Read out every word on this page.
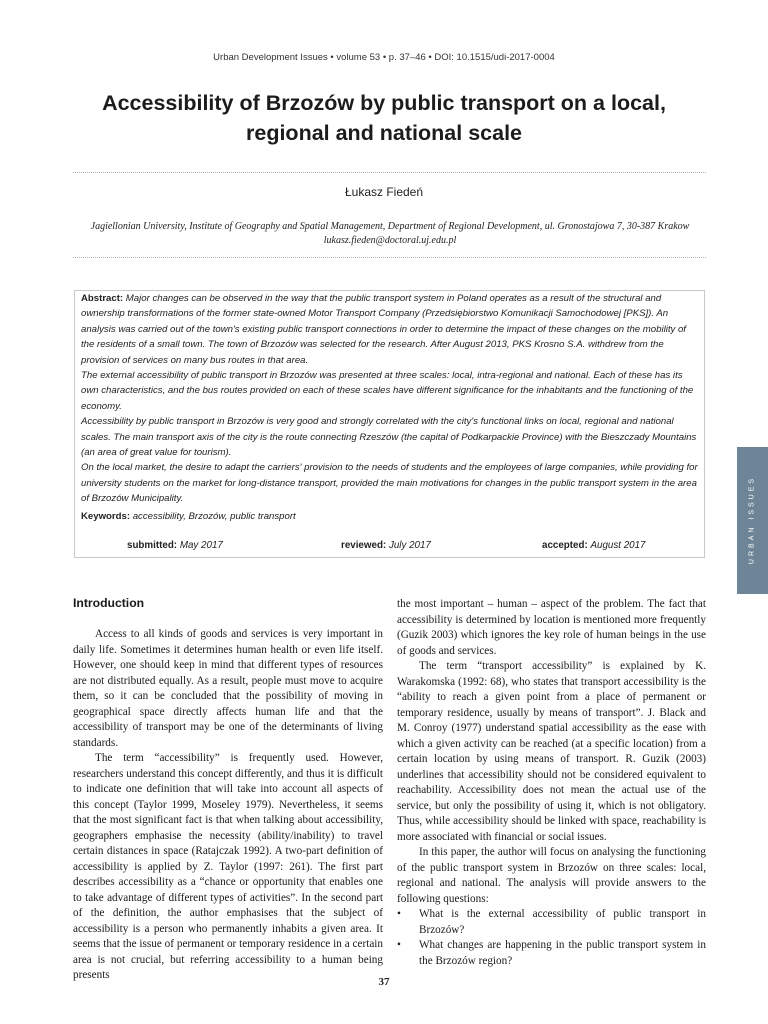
Urban Development Issues • volume 53 • p. 37–46 • DOI: 10.1515/udi-2017-0004
Accessibility of Brzozów by public transport on a local, regional and national scale
Łukasz Fiedeń
Jagiellonian University, Institute of Geography and Spatial Management, Department of Regional Development, ul. Gronostajowa 7, 30-387 Krakow
lukasz.fieden@doctoral.uj.edu.pl

Abstract: Major changes can be observed in the way that the public transport system in Poland operates as a result of the structural and ownership transformations of the former state-owned Motor Transport Company (Przedsiębiorstwo Komunikacji Samochodowej [PKS]). An analysis was carried out of the town's existing public transport connections in order to determine the impact of these changes on the mobility of the residents of a small town. The town of Brzozów was selected for the research. After August 2013, PKS Krosno S.A. withdrew from the provision of services on many bus routes in that area.

The external accessibility of public transport in Brzozów was presented at three scales: local, intra-regional and national. Each of these has its own characteristics, and the bus routes provided on each of these scales have different significance for the inhabitants and the functioning of the economy.

Accessibility by public transport in Brzozów is very good and strongly correlated with the city's functional links on local, regional and national scales. The main transport axis of the city is the route connecting Rzeszów (the capital of Podkarpackie Province) with the Bieszczady Mountains (an area of great value for tourism).

On the local market, the desire to adapt the carriers' provision to the needs of students and the employees of large companies, while providing for university students on the market for long-distance transport, provided the main motivations for changes in the public transport system in the area of Brzozów Municipality.

Keywords: accessibility, Brzozów, public transport
submitted: May 2017	reviewed: July 2017	accepted: August 2017	URBAN ISSUES
Introduction

Access to all kinds of goods and services is very important in daily life. Sometimes it determines human health or even life itself. However, one should keep in mind that different types of resources are not distributed equally. As a result, people must move to acquire them, so it can be concluded that the possibility of moving in geographical space directly affects human life and that the accessibility of transport may be one of the determinants of living standards.

The term “accessibility” is frequently used. However, researchers understand this concept differently, and thus it is difficult to indicate one definition that will take into account all aspects of this concept (Taylor 1999, Moseley 1979). Nevertheless, it seems that the most significant fact is that when talking about accessibility, geographers emphasise the necessity (ability/inability) to travel certain distances in space (Ratajczak 1992). A two-part definition of accessibility is applied by Z. Taylor (1997: 261). The first part describes accessibility as a “chance or opportunity that enables one to take advantage of different types of activities”. In the second part of the definition, the author emphasises that the subject of accessibility is a person who permanently inhabits a given area. It seems that the issue of permanent or temporary residence in a certain area is not crucial, but referring accessibility to a human being presents

the most important – human – aspect of the problem. The fact that accessibility is determined by location is mentioned more frequently (Guzik 2003) which ignores the key role of human beings in the use of goods and services.

The term “transport accessibility” is explained by K. Warakomska (1992: 68), who states that transport accessibility is the “ability to reach a given point from a place of permanent or temporary residence, usually by means of transport”. J. Black and M. Conroy (1977) understand spatial accessibility as the ease with which a given activity can be reached (at a specific location) from a certain location by using means of transport. R. Guzik (2003) underlines that accessibility should not be considered equivalent to reachability. Accessibility does not mean the actual use of the service, but only the possibility of using it, which is not obligatory. Thus, while accessibility should be linked with space, reachability is more associated with financial or social issues.

In this paper, the author will focus on analysing the functioning of the public transport system in Brzozów on three scales: local, regional and national. The analysis will provide answers to the following questions:

• What is the external accessibility of public transport in Brzozów?
• What changes are happening in the public transport system in the Brzozów region?
37
